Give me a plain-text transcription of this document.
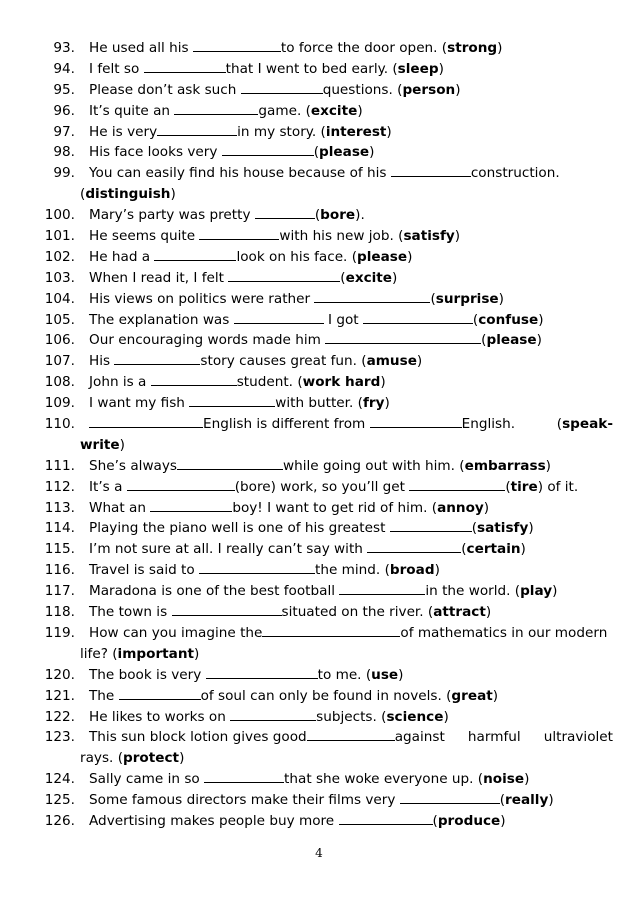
93. He used all his	to force the door open. (strong)
94. I felt so	that I went to bed early. (sleep)
95. Please don’t ask such	questions. (person)
96. It’s quite an	game. (excite)
97. He is very	in my story. (interest)
98. His face looks very	(please)
99. You can easily find his house because of his	construction.
(distinguish)
100. Mary’s party was pretty	(bore).
101. He seems quite	with his new job. (satisfy)
102. He had a	look on his face. (please)
103. When I read it, I felt	(excite)
104. His views on politics were rather	(surprise)
105. The explanation was	I got	(confuse)
106. Our encouraging words made him	(please)
107. His	story causes great fun. (amuse)
108. John is a	student. (work hard)
109. I want my fish	with butter. (fry)
110.	English is different from	English.	(speak-
write)
111. She’s always	while going out with him. (embarrass)
112. It’s a	(bore) work, so you’ll get	(tire) of it.
113. What an	boy! I want to get rid of him. (annoy)
114. Playing the piano well is one of his greatest	(satisfy)
115. I’m not sure at all. I really can’t say with	(certain)
116. Travel is said to	the mind. (broad)
117. Maradona is one of the best football	in the world. (play)
118. The town is	situated on the river. (attract)
119. How can you imagine the	of mathematics in our modern
life? (important)
120. The book is very	to me. (use)
121. The	of soul can only be found in novels. (great)
122. He likes to works on	subjects. (science)
123. This sun block lotion gives good	against harmful ultraviolet
rays. (protect)
124. Sally came in so	that she woke everyone up. (noise)
125. Some famous directors make their films very	(really)
126. Advertising makes people buy more	(produce)
4
